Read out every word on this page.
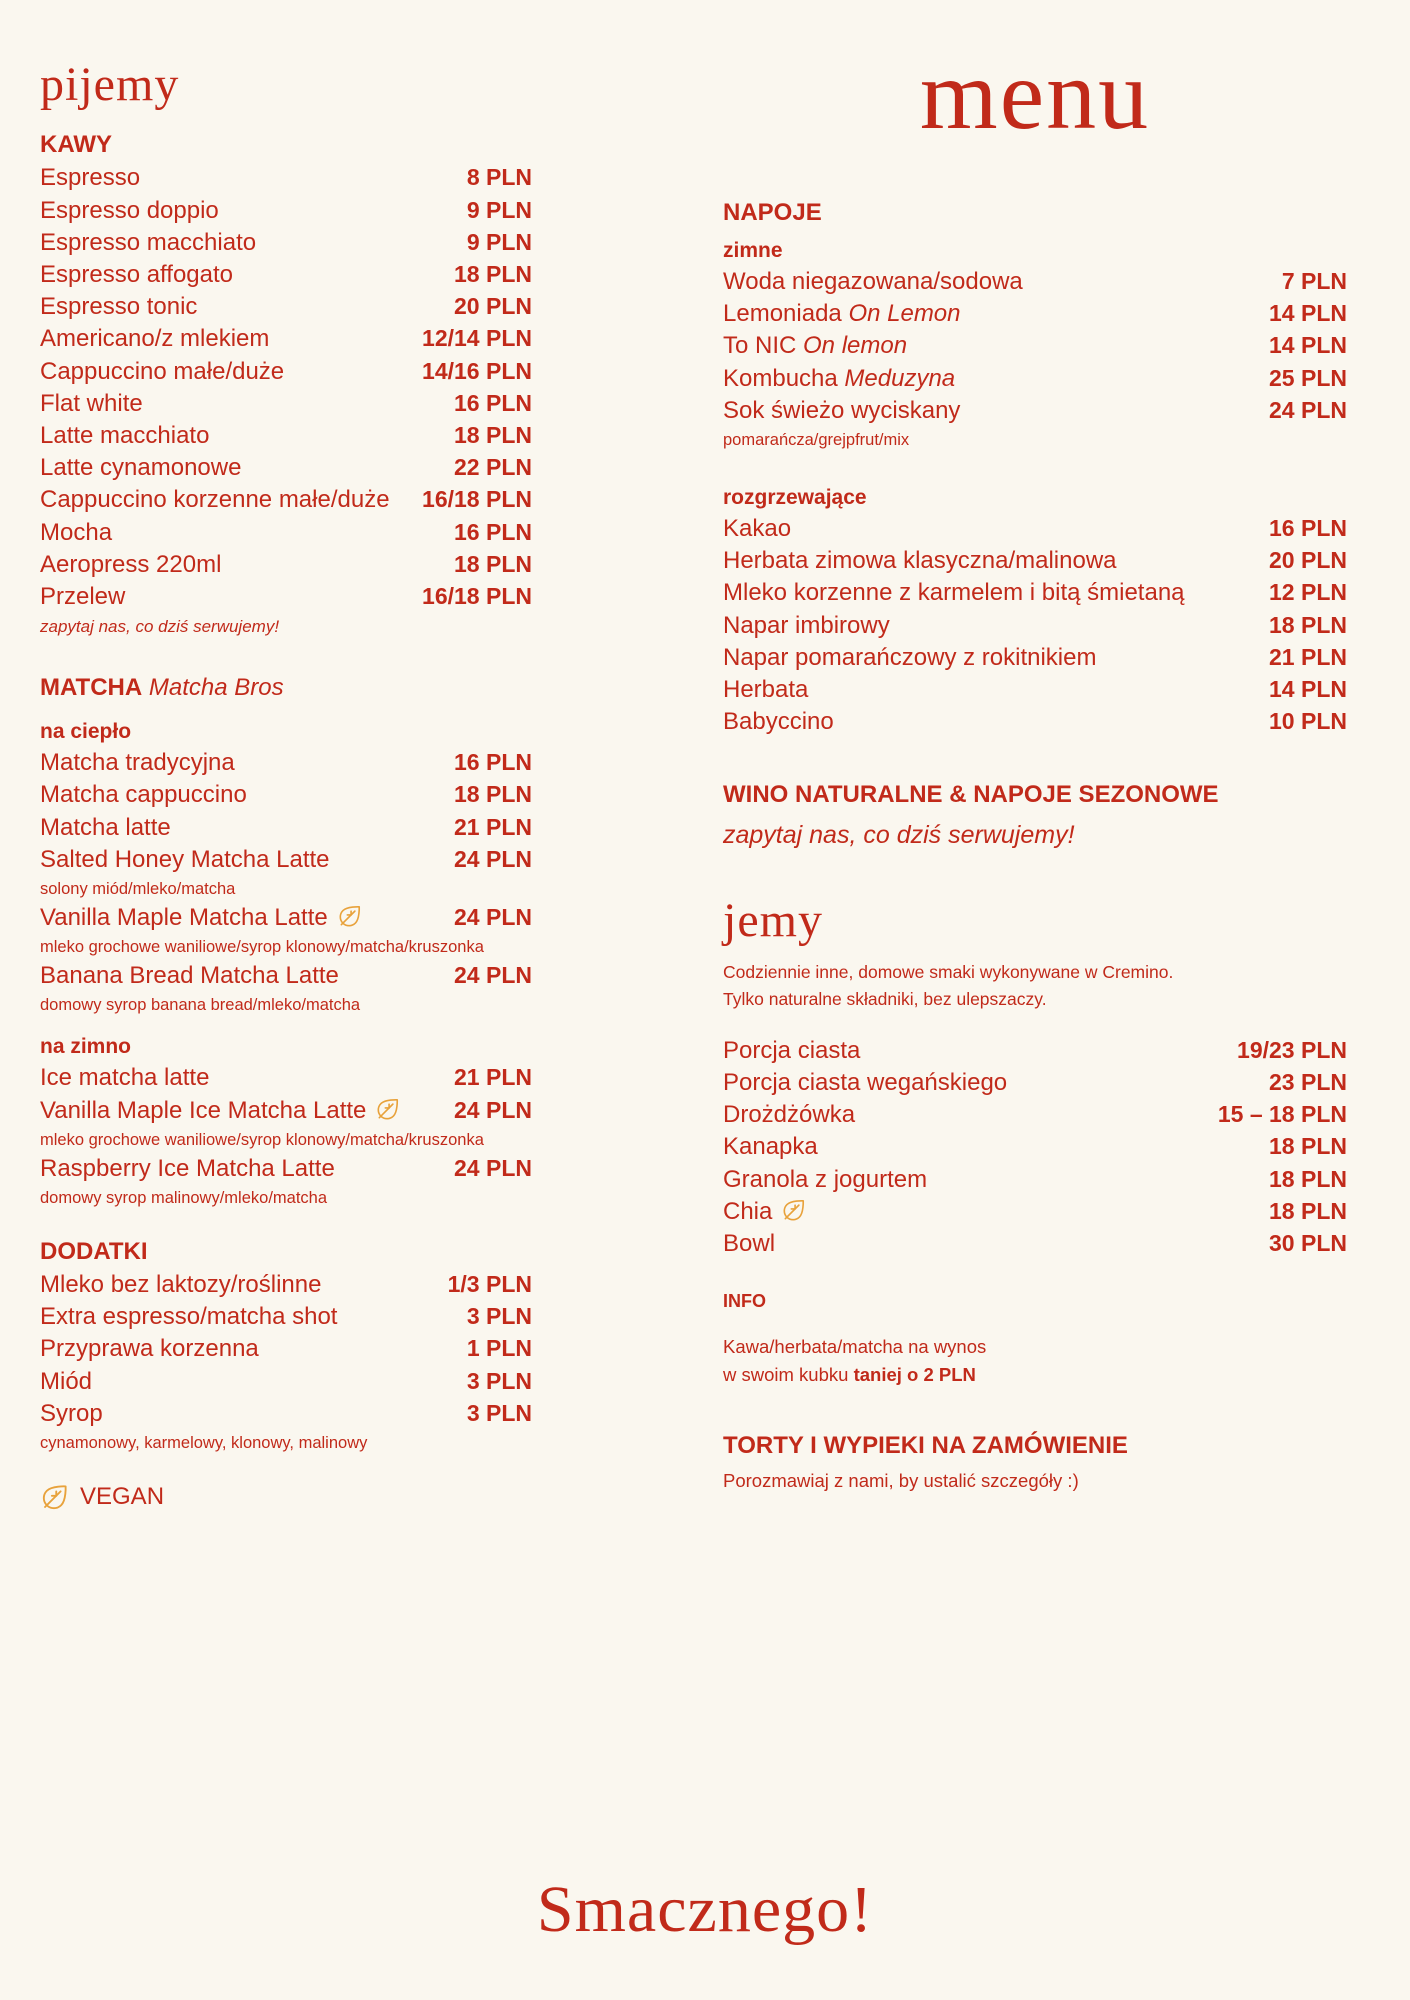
pijemy

KAWY

Espresso	8 PLN
Espresso doppio	9 PLN
Espresso macchiato	9 PLN
Espresso affogato	18 PLN
Espresso tonic	20 PLN
Americano/z mlekiem	12/14 PLN
Cappuccino małe/duże	14/16 PLN
Flat white	16 PLN
Latte macchiato	18 PLN
Latte cynamonowe	22 PLN
Cappuccino korzenne małe/duże 16/18 PLN
Mocha	16 PLN
Aeropress 220ml	18 PLN
Przelew	16/18 PLN

zapytaj nas, co dziś serwujemy!

MATCHA Matcha Bros

na ciepło

Matcha tradycyjna	16 PLN
Matcha cappuccino	18 PLN
Matcha latte	21 PLN
Salted Honey Matcha Latte	24 PLN
solony miód/mleko/matcha
Vanilla Maple Matcha Latte	24 PLN
mleko grochowe waniliowe/syrop klonowy/matcha/kruszonka
Banana Bread Matcha Latte	24 PLN
domowy syrop banana bread/mleko/matcha

na zimno

Ice matcha latte	21 PLN
Vanilla Maple Ice Matcha Latte	24 PLN
mleko grochowe waniliowe/syrop klonowy/matcha/kruszonka
Raspberry Ice Matcha Latte	24 PLN
domowy syrop malinowy/mleko/matcha

DODATKI

Mleko bez laktozy/roślinne	1/3 PLN
Extra espresso/matcha shot	3 PLN
Przyprawa korzenna	1 PLN
Miód	3 PLN
Syrop	3 PLN
cynamonowy, karmelowy, klonowy, malinowy
VEGAN
menu

NAPOJE

zimne

Woda niegazowana/sodowa	7 PLN
Lemoniada On Lemon	14 PLN
To NIC On lemon	14 PLN
Kombucha Meduzyna	25 PLN
Sok świeżo wyciskany	24 PLN
pomarańcza/grejpfrut/mix

rozgrzewające

Kakao	16 PLN
Herbata zimowa klasyczna/malinowa	20 PLN
Mleko korzenne z karmelem i bitą śmietaną	12 PLN
Napar imbirowy	18 PLN
Napar pomarańczowy z rokitnikiem	21 PLN
Herbata	14 PLN
Babyccino	10 PLN

WINO NATURALNE & NAPOJE SEZONOWE

zapytaj nas, co dziś serwujemy!

jemy
Codziennie inne, domowe smaki wykonywane w Cremino.
Tylko naturalne składniki, bez ulepszaczy.
Porcja ciasta	19/23 PLN
Porcja ciasta wegańskiego	23 PLN
Drożdżówka	15 – 18 PLN
Kanapka	18 PLN
Granola z jogurtem	18 PLN
Chia	18 PLN
Bowl	30 PLN

INFO

Kawa/herbata/matcha na wynos
w swoim kubku taniej o 2 PLN

TORTY I WYPIEKI NA ZAMÓWIENIE

Porozmawiaj z nami, by ustalić szczegóły :)
Smacznego!
